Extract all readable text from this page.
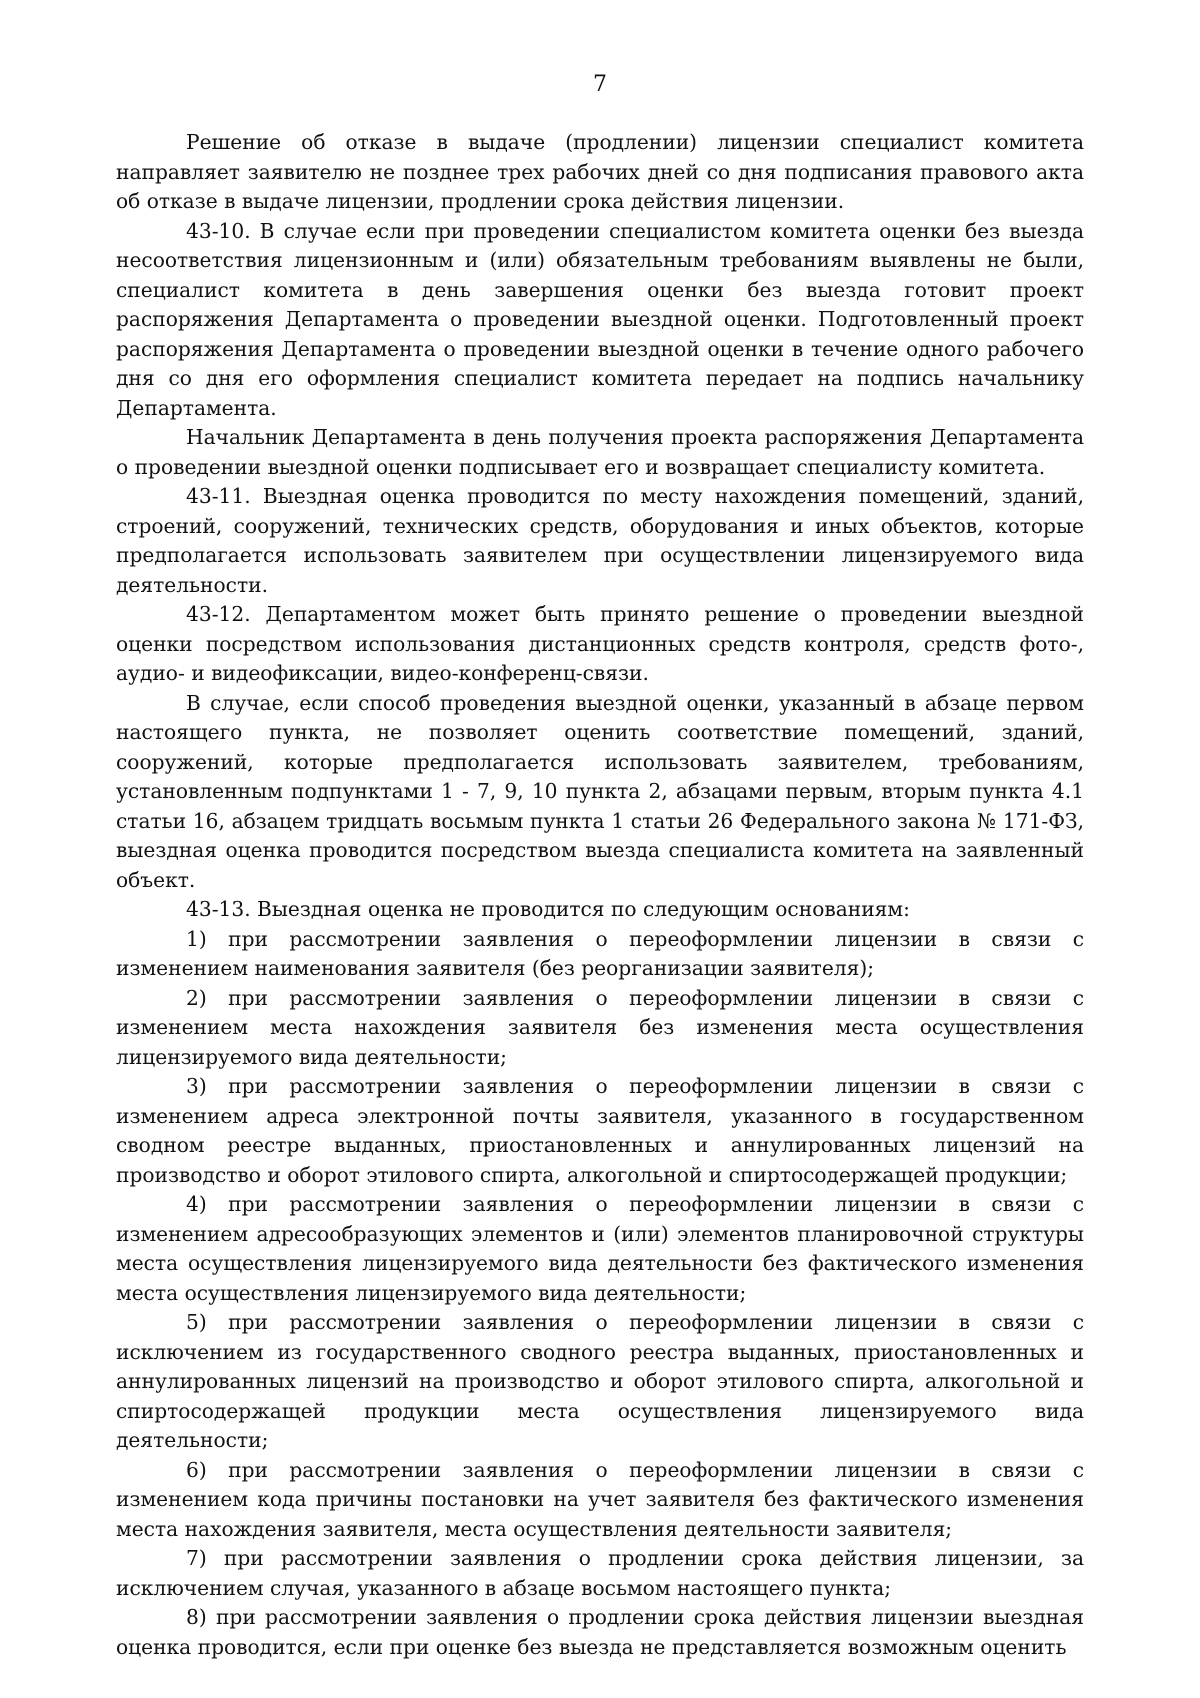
7

Решение об отказе в выдаче (продлении) лицензии специалист комитета направляет заявителю не позднее трех рабочих дней со дня подписания правового акта об отказе в выдаче лицензии, продлении срока действия лицензии.

43-10. В случае если при проведении специалистом комитета оценки без выезда несоответствия лицензионным и (или) обязательным требованиям выявлены не были, специалист комитета в день завершения оценки без выезда готовит проект распоряжения Департамента о проведении выездной оценки. Подготовленный проект распоряжения Департамента о проведении выездной оценки в течение одного рабочего дня со дня его оформления специалист комитета передает на подпись начальнику Департамента.

Начальник Департамента в день получения проекта распоряжения Департамента о проведении выездной оценки подписывает его и возвращает специалисту комитета.

43-11. Выездная оценка проводится по месту нахождения помещений, зданий, строений, сооружений, технических средств, оборудования и иных объектов, которые предполагается использовать заявителем при осуществлении лицензируемого вида деятельности.

43-12. Департаментом может быть принято решение о проведении выездной оценки посредством использования дистанционных средств контроля, средств фото-, аудио- и видеофиксации, видео-конференц-связи.

В случае, если способ проведения выездной оценки, указанный в абзаце первом настоящего пункта, не позволяет оценить соответствие помещений, зданий, сооружений, которые предполагается использовать заявителем, требованиям, установленным подпунктами 1 - 7, 9, 10 пункта 2, абзацами первым, вторым пункта 4.1 статьи 16, абзацем тридцать восьмым пункта 1 статьи 26 Федерального закона № 171-ФЗ, выездная оценка проводится посредством выезда специалиста комитета на заявленный объект.

43-13. Выездная оценка не проводится по следующим основаниям:

1) при рассмотрении заявления о переоформлении лицензии в связи с изменением наименования заявителя (без реорганизации заявителя);

2) при рассмотрении заявления о переоформлении лицензии в связи с изменением места нахождения заявителя без изменения места осуществления лицензируемого вида деятельности;

3) при рассмотрении заявления о переоформлении лицензии в связи с изменением адреса электронной почты заявителя, указанного в государственном сводном реестре выданных, приостановленных и аннулированных лицензий на производство и оборот этилового спирта, алкогольной и спиртосодержащей продукции;

4) при рассмотрении заявления о переоформлении лицензии в связи с изменением адресообразующих элементов и (или) элементов планировочной структуры места осуществления лицензируемого вида деятельности без фактического изменения места осуществления лицензируемого вида деятельности;

5) при рассмотрении заявления о переоформлении лицензии в связи с исключением из государственного сводного реестра выданных, приостановленных и аннулированных лицензий на производство и оборот этилового спирта, алкогольной и спиртосодержащей продукции места осуществления лицензируемого вида деятельности;

6) при рассмотрении заявления о переоформлении лицензии в связи с изменением кода причины постановки на учет заявителя без фактического изменения места нахождения заявителя, места осуществления деятельности заявителя;

7) при рассмотрении заявления о продлении срока действия лицензии, за исключением случая, указанного в абзаце восьмом настоящего пункта;

8) при рассмотрении заявления о продлении срока действия лицензии выездная оценка проводится, если при оценке без выезда не представляется возможным оценить
